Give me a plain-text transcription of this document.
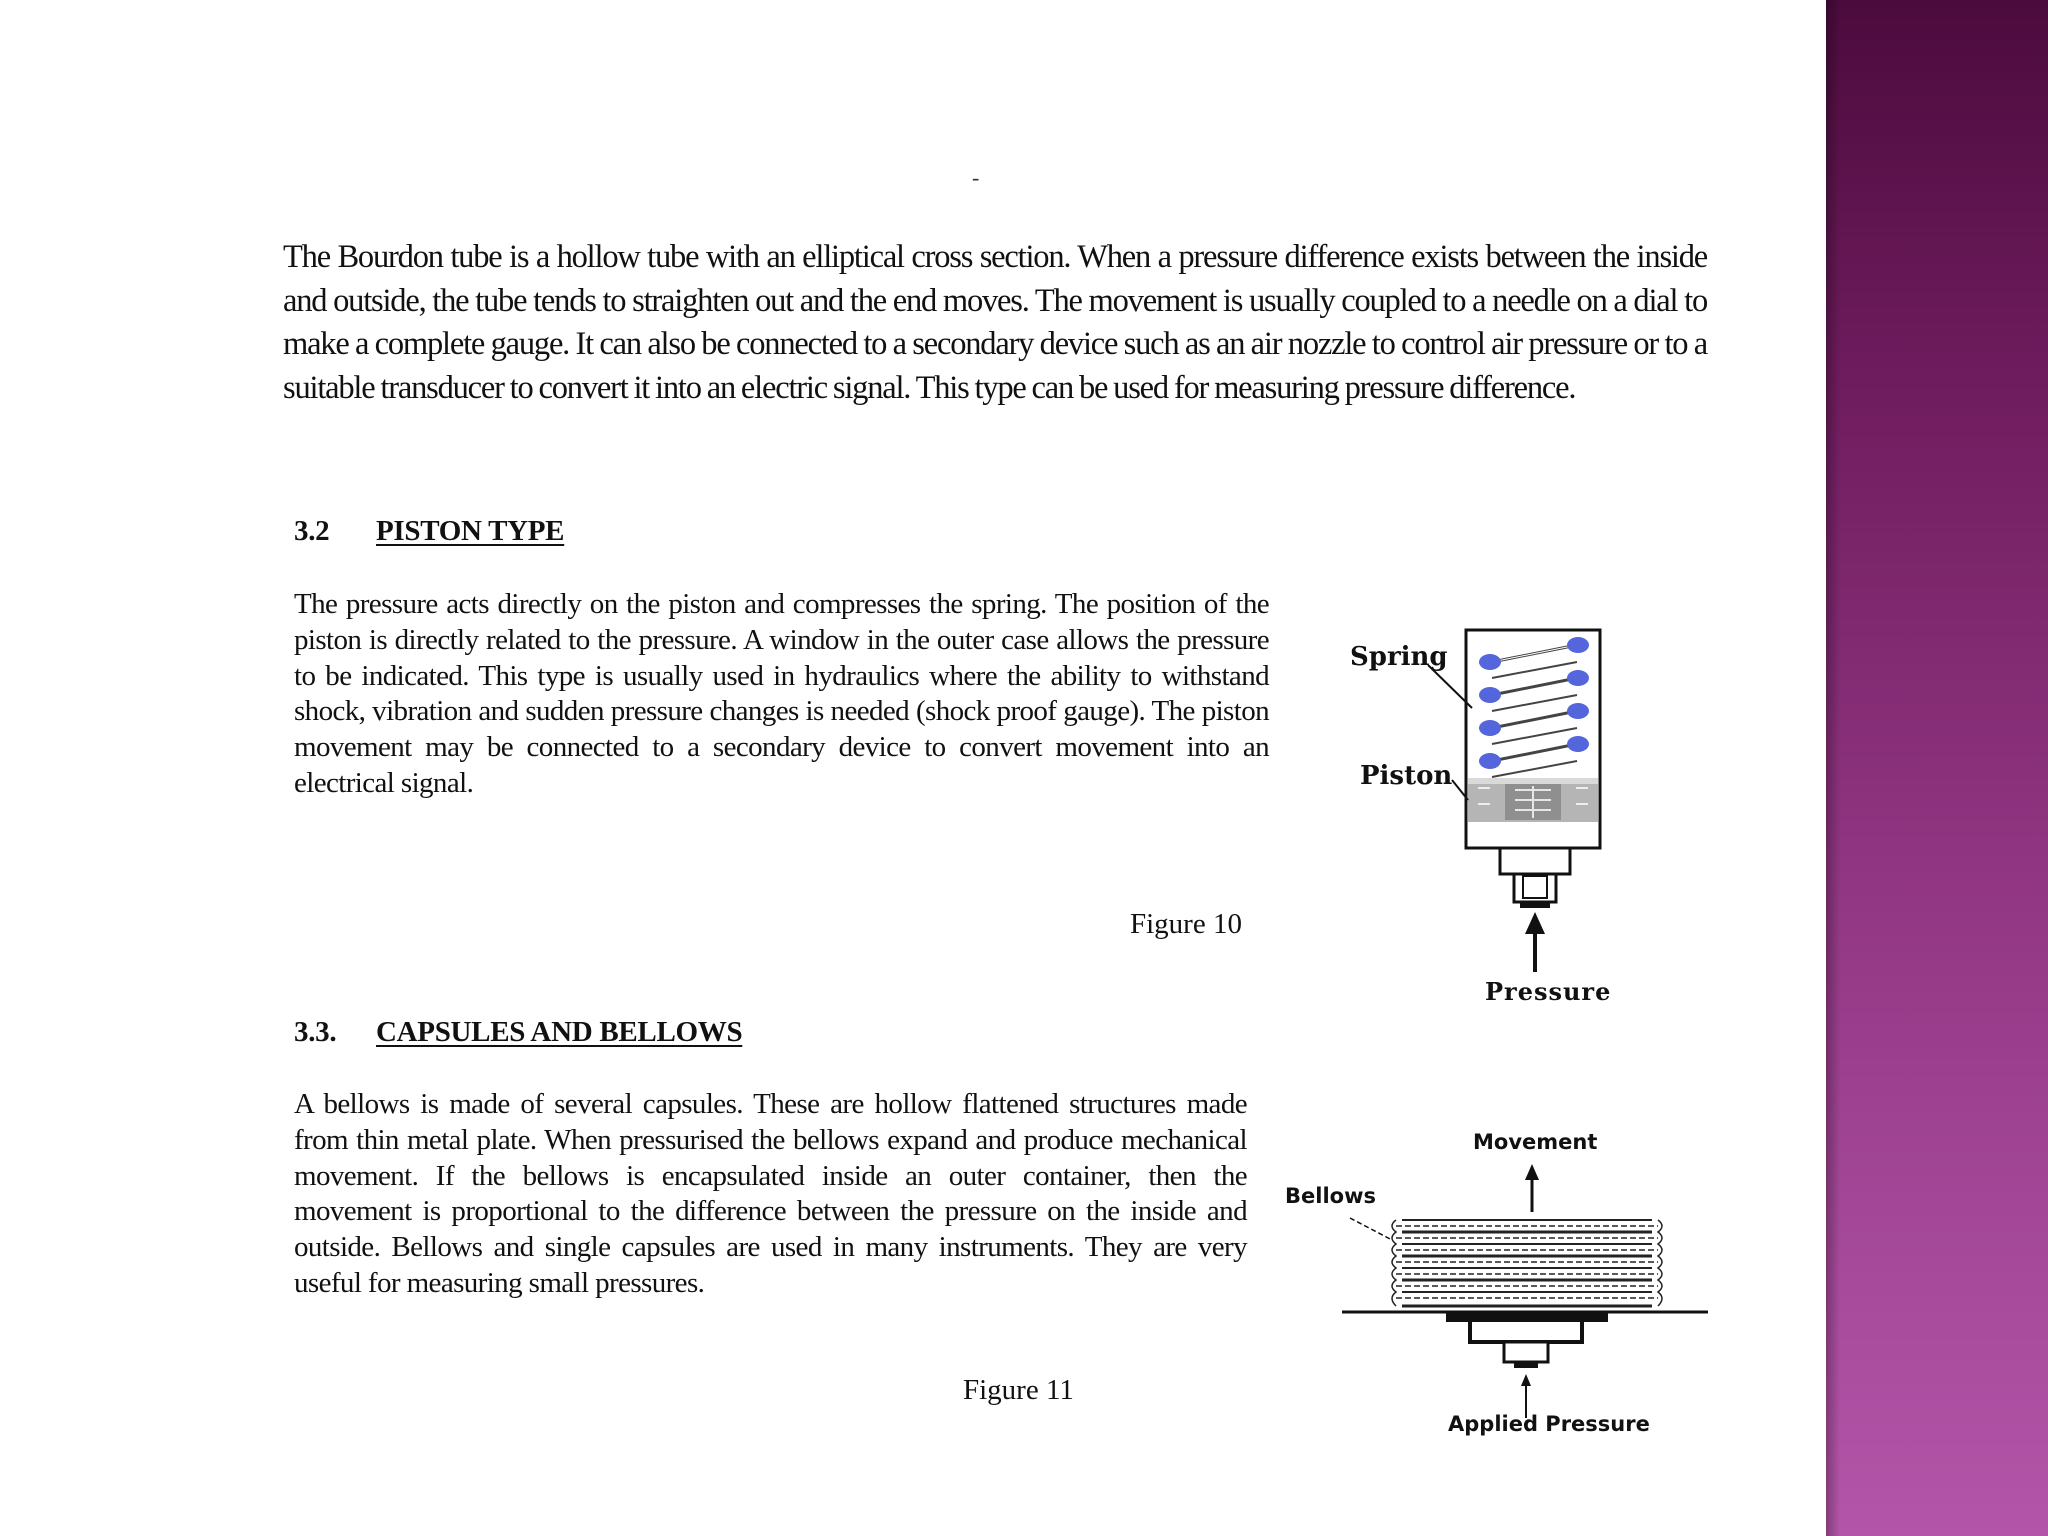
-

The Bourdon tube is a hollow tube with an elliptical cross section. When a pressure difference exists between the inside and outside, the tube tends to straighten out and the end moves. The movement is usually coupled to a needle on a dial to make a complete gauge. It can also be connected to a secondary device such as an air nozzle to control air pressure or to a suitable transducer to convert it into an electric signal. This type can be used for measuring pressure difference.

3.2 PISTON TYPE

The pressure acts directly on the piston and compresses the spring. The position of the piston is directly related to the pressure. A window in the outer case allows the pressure to be indicated. This type is usually used in hydraulics where the ability to withstand shock, vibration and sudden pressure changes is needed (shock proof gauge). The piston movement may be connected to a secondary device to convert movement into an electrical signal.

Figure 10
Spring
Piston
Pressure
3.3. CAPSULES AND BELLOWS

A bellows is made of several capsules. These are hollow flattened structures made from thin metal plate. When pressurised the bellows expand and produce mechanical movement. If the bellows is encapsulated inside an outer container, then the movement is proportional to the difference between the pressure on the inside and outside. Bellows and single capsules are used in many instruments. They are very useful for measuring small pressures.

Figure 11
Movement
Bellows
Applied Pressure
